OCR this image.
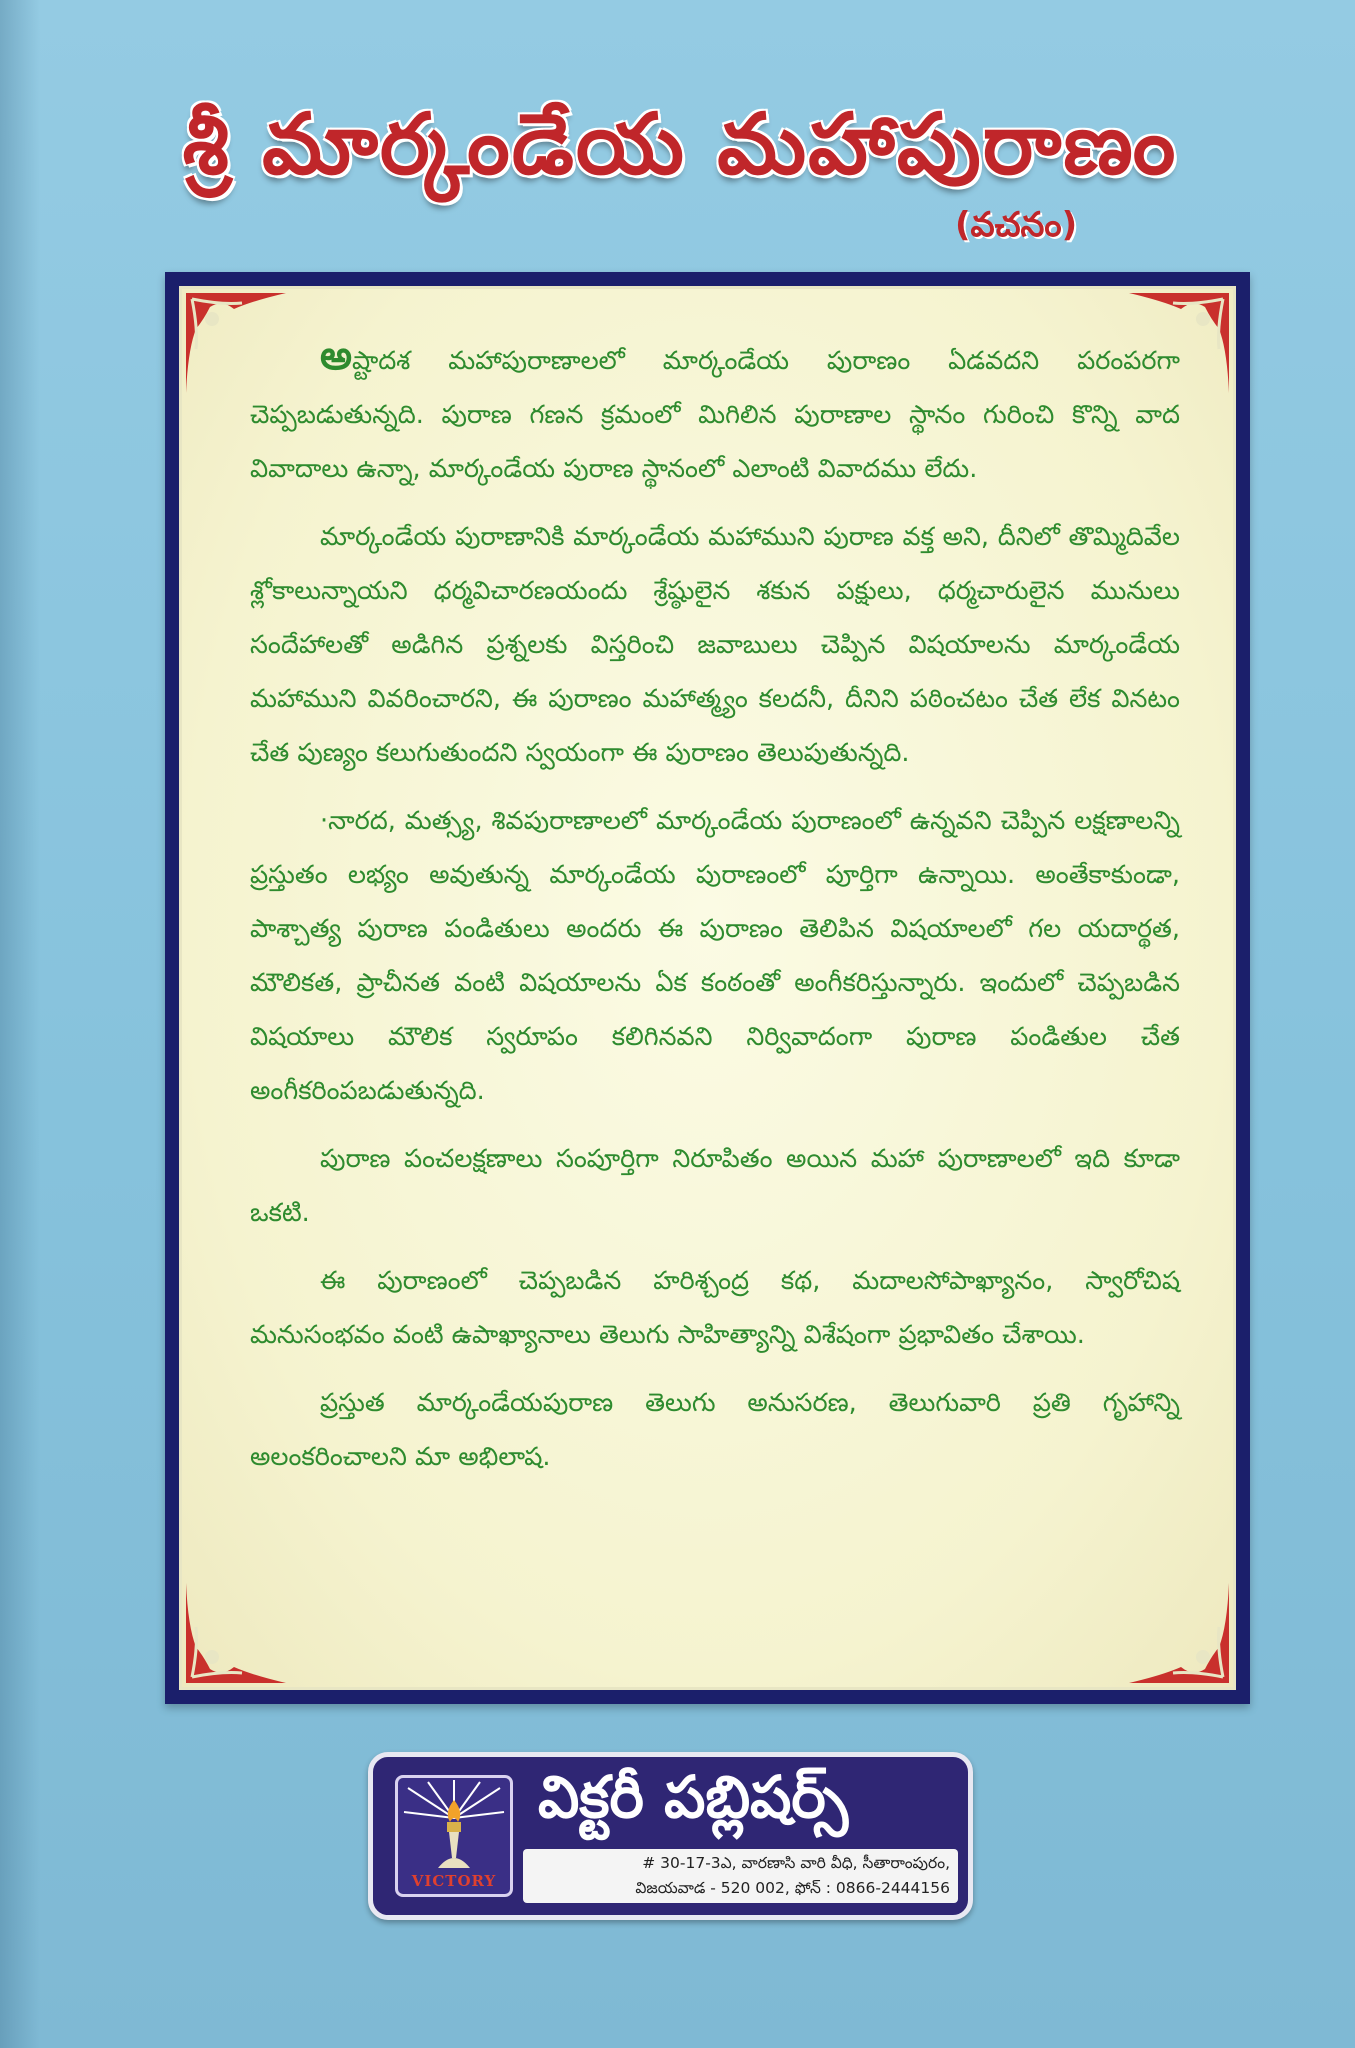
శ్రీ మార్కండేయ మహాపురాణం
(వచనం)

అష్టాదశ మహాపురాణాలలో మార్కండేయ పురాణం ఏడవదని పరంపరగా చెప్పబడుతున్నది. పురాణ గణన క్రమంలో మిగిలిన పురాణాల స్థానం గురించి కొన్ని వాద వివాదాలు ఉన్నా, మార్కండేయ పురాణ స్థానంలో ఎలాంటి వివాదము లేదు.

మార్కండేయ పురాణానికి మార్కండేయ మహాముని పురాణ వక్త అని, దీనిలో తొమ్మిదివేల శ్లోకాలున్నాయని ధర్మవిచారణయందు శ్రేష్ఠులైన శకున పక్షులు, ధర్మచారులైన మునులు సందేహాలతో అడిగిన ప్రశ్నలకు విస్తరించి జవాబులు చెప్పిన విషయాలను మార్కండేయ మహాముని వివరించారని, ఈ పురాణం మహాత్మ్యం కలదనీ, దీనిని పఠించటం చేత లేక వినటం చేత పుణ్యం కలుగుతుందని స్వయంగా ఈ పురాణం తెలుపుతున్నది.

·నారద, మత్స్య, శివపురాణాలలో మార్కండేయ పురాణంలో ఉన్నవని చెప్పిన లక్షణాలన్ని ప్రస్తుతం లభ్యం అవుతున్న మార్కండేయ పురాణంలో పూర్తిగా ఉన్నాయి. అంతేకాకుండా, పాశ్చాత్య పురాణ పండితులు అందరు ఈ పురాణం తెలిపిన విషయాలలో గల యదార్థత, మౌలికత, ప్రాచీనత వంటి విషయాలను ఏక కంఠంతో అంగీకరిస్తున్నారు. ఇందులో చెప్పబడిన విషయాలు మౌలిక స్వరూపం కలిగినవని నిర్వివాదంగా పురాణ పండితుల చేత అంగీకరింపబడుతున్నది.

పురాణ పంచలక్షణాలు సంపూర్తిగా నిరూపితం అయిన మహా పురాణాలలో ఇది కూడా ఒకటి.

ఈ పురాణంలో చెప్పబడిన హరిశ్చంద్ర కథ, మదాలసోపాఖ్యానం, స్వారోచిష మనుసంభవం వంటి ఉపాఖ్యానాలు తెలుగు సాహిత్యాన్ని విశేషంగా ప్రభావితం చేశాయి.

ప్రస్తుత మార్కండేయపురాణ తెలుగు అనుసరణ, తెలుగువారి ప్రతి గృహాన్ని అలంకరించాలని మా అభిలాష.

VICTORY
విక్టరీ పబ్లిషర్స్
# 30-17-3ఎ, వారణాసి వారి వీధి, సీతారాంపురం,
విజయవాడ - 520 002, ఫోన్ : 0866-2444156
